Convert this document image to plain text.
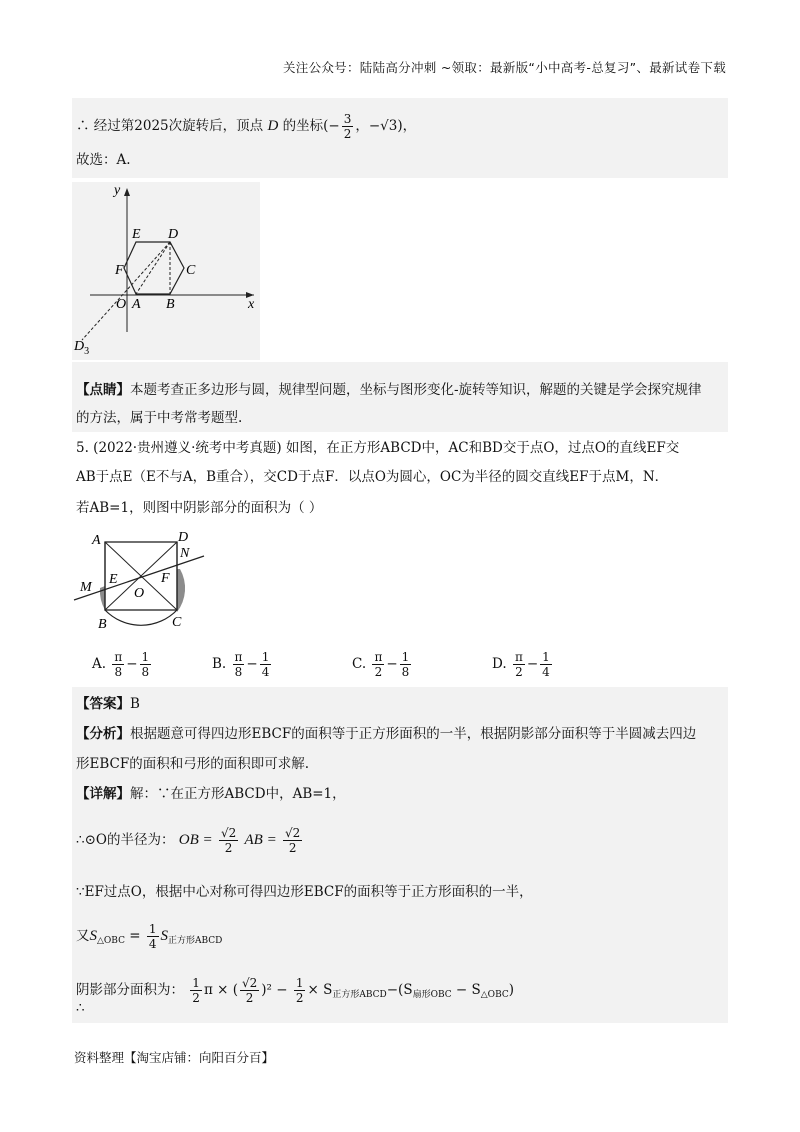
关注公众号：陆陆高分冲刺 ~领取：最新版“小中高考-总复习”、最新试卷下载
∴ 经过第2025次旋转后，顶点 D 的坐标(− $\frac{3}{2}$ ，−√3)，
故选：A.
y
x
E D
F	C
O A B
$D_3$
【点睛】本题考查正多边形与圆，规律型问题，坐标与图形变化-旋转等知识，解题的关键是学会探究规律
的方法，属于中考常考题型.
5. (2022·贵州遵义·统考中考真题) 如图，在正方形ABCD中，AC和BD交于点O，过点O的直线EF交
AB于点E（E不与A，B重合），交CD于点F．以点O为圆心，OC为半径的圆交直线EF于点M，N．
若AB=1，则图中阴影部分的面积为（ ）
A	D
N
M
E	F
O
B	C
A. $\frac{\pi}{8} - \frac{1}{8}$	B. $\frac{\pi}{8} - \frac{1}{4}$	C. $\frac{\pi}{2} - \frac{1}{8}$	D. $\frac{\pi}{2} - \frac{1}{4}$
【答案】B
【分析】根据题意可得四边形EBCF的面积等于正方形面积的一半，根据阴影部分面积等于半圆减去四边
形EBCF的面积和弓形的面积即可求解.
【详解】解：∵在正方形ABCD中，AB=1，
∴⊙O的半径为： OB = $\frac{√2}{2}$ AB = $\frac{√2}{2}$
∵EF过点O，根据中心对称可得四边形EBCF的面积等于正方形面积的一半，
又$S_{\triangle OBC} = \frac{1}{4} S_{正方形ABCD}$
阴影部分面积为： $\frac{1}{2}$ π × ( $\frac{√2}{2} )^2 - \frac{1}{2} \times S_{正方形ABCD}-(S_{扇形OBC} - S_{\triangle OBC})$
∴
资料整理【淘宝店铺：向阳百分百】
